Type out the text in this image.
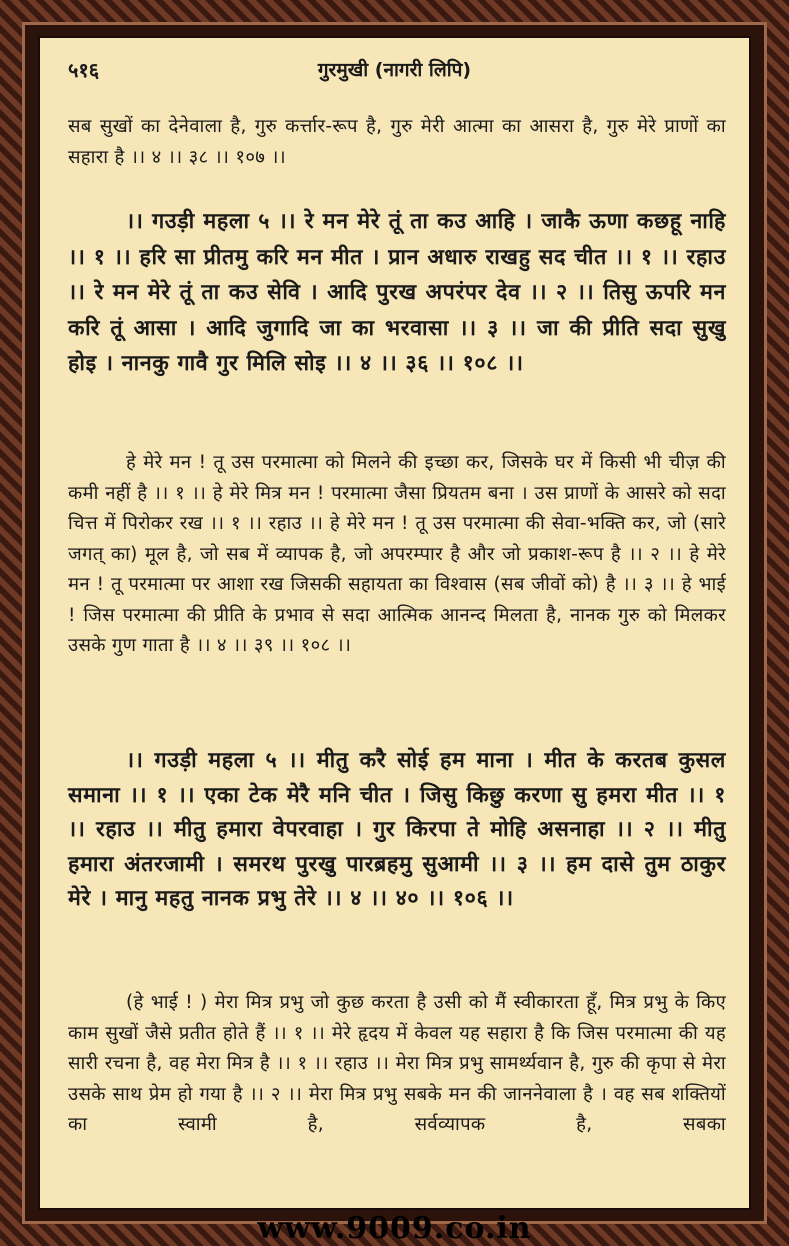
५१६	गुरमुखी (नागरी लिपि)

सब सुखों का देनेवाला है, गुरु कर्त्तार-रूप है, गुरु मेरी आत्मा का आसरा है, गुरु मेरे प्राणों का सहारा है ।। ४ ।। ३८ ।। १०७ ।।

।। गउड़ी महला ५ ।। रे मन मेरे तूं ता कउ आहि । जाकै ऊणा कछहू नाहि ।। १ ।। हरि सा प्रीतमु करि मन मीत । प्रान अधारु राखहु सद चीत ।। १ ।। रहाउ ।। रे मन मेरे तूं ता कउ सेवि । आदि पुरख अपरंपर देव ।। २ ।। तिसु ऊपरि मन करि तूं आसा । आदि जुगादि जा का भरवासा ।। ३ ।। जा की प्रीति सदा सुखु होइ । नानकु गावै गुर मिलि सोइ ।। ४ ।। ३६ ।। १०८ ।।

हे मेरे मन ! तू उस परमात्मा को मिलने की इच्छा कर, जिसके घर में किसी भी चीज़ की कमी नहीं है ।। १ ।। हे मेरे मित्र मन ! परमात्मा जैसा प्रियतम बना । उस प्राणों के आसरे को सदा चित्त में पिरोकर रख ।। १ ।। रहाउ ।। हे मेरे मन ! तू उस परमात्मा की सेवा-भक्ति कर, जो (सारे जगत् का) मूल है, जो सब में व्यापक है, जो अपरम्पार है और जो प्रकाश-रूप है ।। २ ।। हे मेरे मन ! तू परमात्मा पर आशा रख जिसकी सहायता का विश्वास (सब जीवों को) है ।। ३ ।। हे भाई ! जिस परमात्मा की प्रीति के प्रभाव से सदा आत्मिक आनन्द मिलता है, नानक गुरु को मिलकर उसके गुण गाता है ।। ४ ।। ३९ ।। १०८ ।।

।। गउड़ी महला ५ ।। मीतु करै सोई हम माना । मीत के करतब कुसल समाना ।। १ ।। एका टेक मेरै मनि चीत । जिसु किछु करणा सु हमरा मीत ।। १ ।। रहाउ ।। मीतु हमारा वेपरवाहा । गुर किरपा ते मोहि असनाहा ।। २ ।। मीतु हमारा अंतरजामी । समरथ पुरखु पारब्रहमु सुआमी ।। ३ ।। हम दासे तुम ठाकुर मेरे । मानु महतु नानक प्रभु तेरे ।। ४ ।। ४० ।। १०६ ।।

(हे भाई ! ) मेरा मित्र प्रभु जो कुछ करता है उसी को मैं स्वीकारता हूँ, मित्र प्रभु के किए काम सुखों जैसे प्रतीत होते हैं ।। १ ।। मेरे हृदय में केवल यह सहारा है कि जिस परमात्मा की यह सारी रचना है, वह मेरा मित्र है ।। १ ।। रहाउ ।। मेरा मित्र प्रभु सामर्थ्यवान है, गुरु की कृपा से मेरा उसके साथ प्रेम हो गया है ।। २ ।। मेरा मित्र प्रभु सबके मन की जाननेवाला है । वह सब शक्तियों का स्वामी है, सर्वव्यापक है, सबका

www.9009.co.in
